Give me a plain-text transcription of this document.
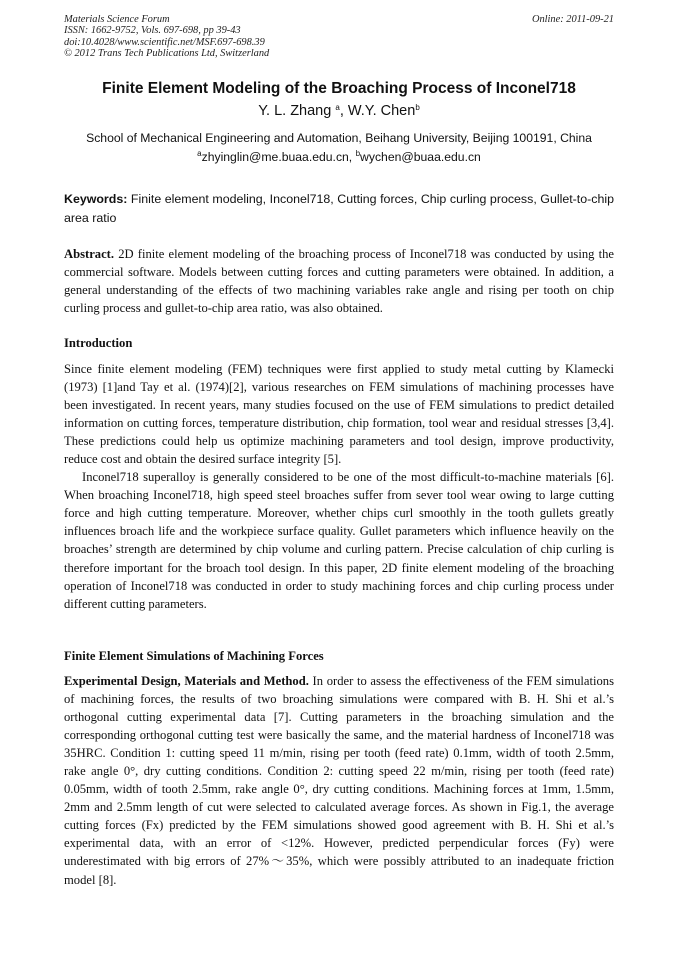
Materials Science Forum
ISSN: 1662-9752, Vols. 697-698, pp 39-43
doi:10.4028/www.scientific.net/MSF.697-698.39
© 2012 Trans Tech Publications Ltd, Switzerland
Online: 2011-09-21
Finite Element Modeling of the Broaching Process of Inconel718
Y. L. Zhang $^a$, W.Y. Chen$^b$
School of Mechanical Engineering and Automation, Beihang University, Beijing 100191, China
$^a$zhyinglin@me.buaa.edu.cn, $^b$wychen@buaa.edu.cn
Keywords: Finite element modeling, Inconel718, Cutting forces, Chip curling process, Gullet-to-chip area ratio

Abstract. 2D finite element modeling of the broaching process of Inconel718 was conducted by using the commercial software. Models between cutting forces and cutting parameters were obtained. In addition, a general understanding of the effects of two machining variables rake angle and rising per tooth on chip curling process and gullet-to-chip area ratio, was also obtained.

Introduction

Since finite element modeling (FEM) techniques were first applied to study metal cutting by Klamecki (1973) [1]and Tay et al. (1974)[2], various researches on FEM simulations of machining processes have been investigated. In recent years, many studies focused on the use of FEM simulations to predict detailed information on cutting forces, temperature distribution, chip formation, tool wear and residual stresses [3,4]. These predictions could help us optimize machining parameters and tool design, improve productivity, reduce cost and obtain the desired surface integrity [5].

Inconel718 superalloy is generally considered to be one of the most difficult-to-machine materials [6]. When broaching Inconel718, high speed steel broaches suffer from sever tool wear owing to large cutting force and high cutting temperature. Moreover, whether chips curl smoothly in the tooth gullets greatly influences broach life and the workpiece surface quality. Gullet parameters which influence heavily on the broaches’ strength are determined by chip volume and curling pattern. Precise calculation of chip curling is therefore important for the broach tool design. In this paper, 2D finite element modeling of the broaching operation of Inconel718 was conducted in order to study machining forces and chip curling process under different cutting parameters.

Finite Element Simulations of Machining Forces

Experimental Design, Materials and Method. In order to assess the effectiveness of the FEM simulations of machining forces, the results of two broaching simulations were compared with B. H. Shi et al.’s orthogonal cutting experimental data [7]. Cutting parameters in the broaching simulation and the corresponding orthogonal cutting test were basically the same, and the material hardness of Inconel718 was 35HRC. Condition 1: cutting speed 11 m/min, rising per tooth (feed rate) 0.1mm, width of tooth 2.5mm, rake angle 0°, dry cutting conditions. Condition 2: cutting speed 22 m/min, rising per tooth (feed rate) 0.05mm, width of tooth 2.5mm, rake angle 0°, dry cutting conditions. Machining forces at 1mm, 1.5mm, 2mm and 2.5mm length of cut were selected to calculated average forces. As shown in Fig.1, the average cutting forces (Fx) predicted by the FEM simulations showed good agreement with B. H. Shi et al.’s experimental data, with an error of <12%. However, predicted perpendicular forces (Fy) were underestimated with big errors of 27%～35%, which were possibly attributed to an inadequate friction model [8].
